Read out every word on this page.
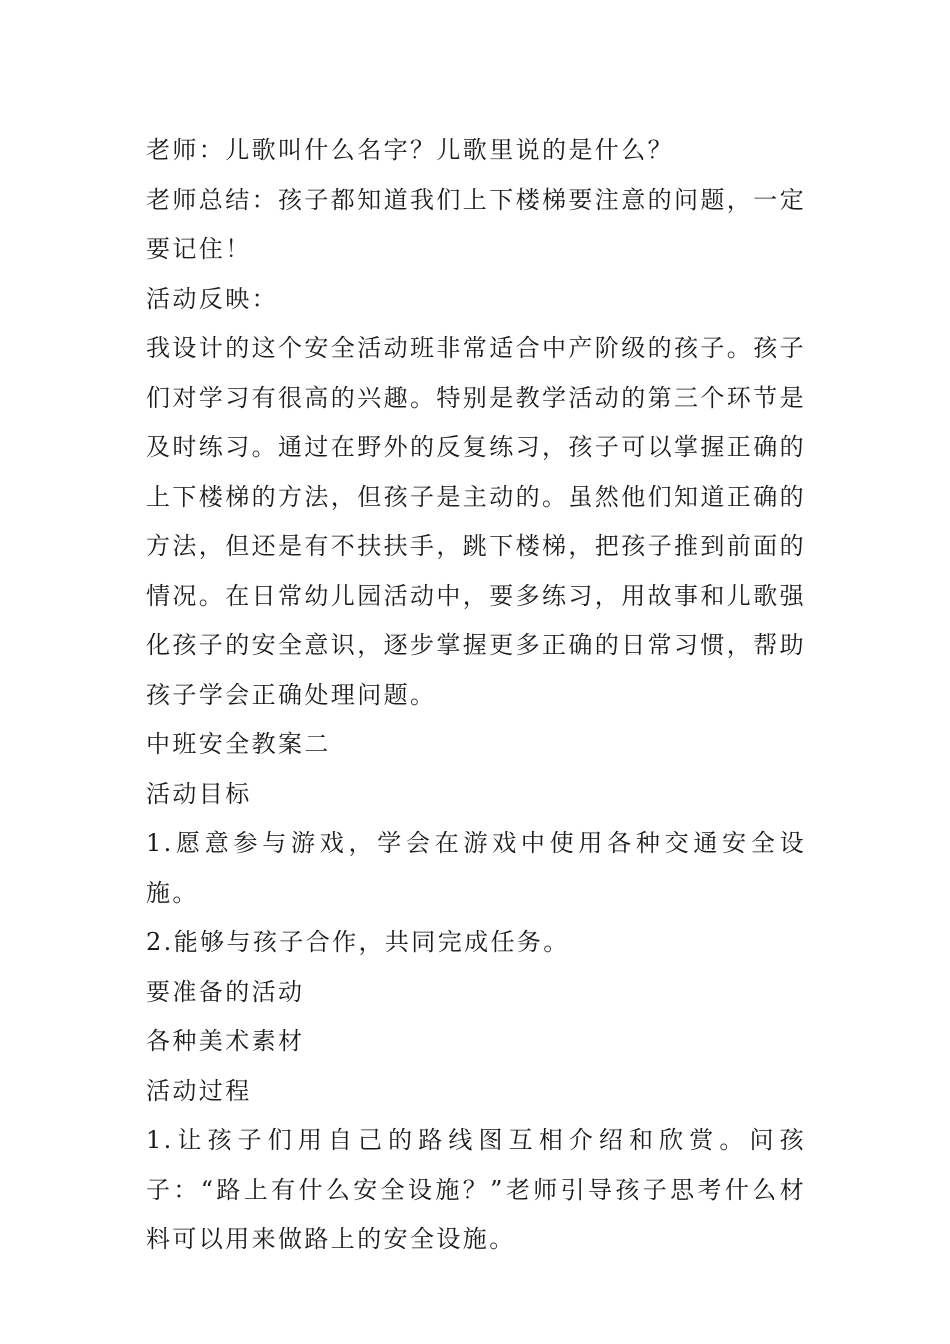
老师：儿歌叫什么名字？儿歌里说的是什么？

老师总结：孩子都知道我们上下楼梯要注意的问题，一定要记住！

活动反映：

我设计的这个安全活动班非常适合中产阶级的孩子。孩子们对学习有很高的兴趣。特别是教学活动的第三个环节是及时练习。通过在野外的反复练习，孩子可以掌握正确的上下楼梯的方法，但孩子是主动的。虽然他们知道正确的方法，但还是有不扶扶手，跳下楼梯，把孩子推到前面的情况。在日常幼儿园活动中，要多练习，用故事和儿歌强化孩子的安全意识，逐步掌握更多正确的日常习惯，帮助孩子学会正确处理问题。

中班安全教案二

活动目标

1.愿意参与游戏，学会在游戏中使用各种交通安全设施。

2.能够与孩子合作，共同完成任务。

要准备的活动

各种美术素材

活动过程

1.让孩子们用自己的路线图互相介绍和欣赏。问孩子：“路上有什么安全设施？”老师引导孩子思考什么材料可以用来做路上的安全设施。
